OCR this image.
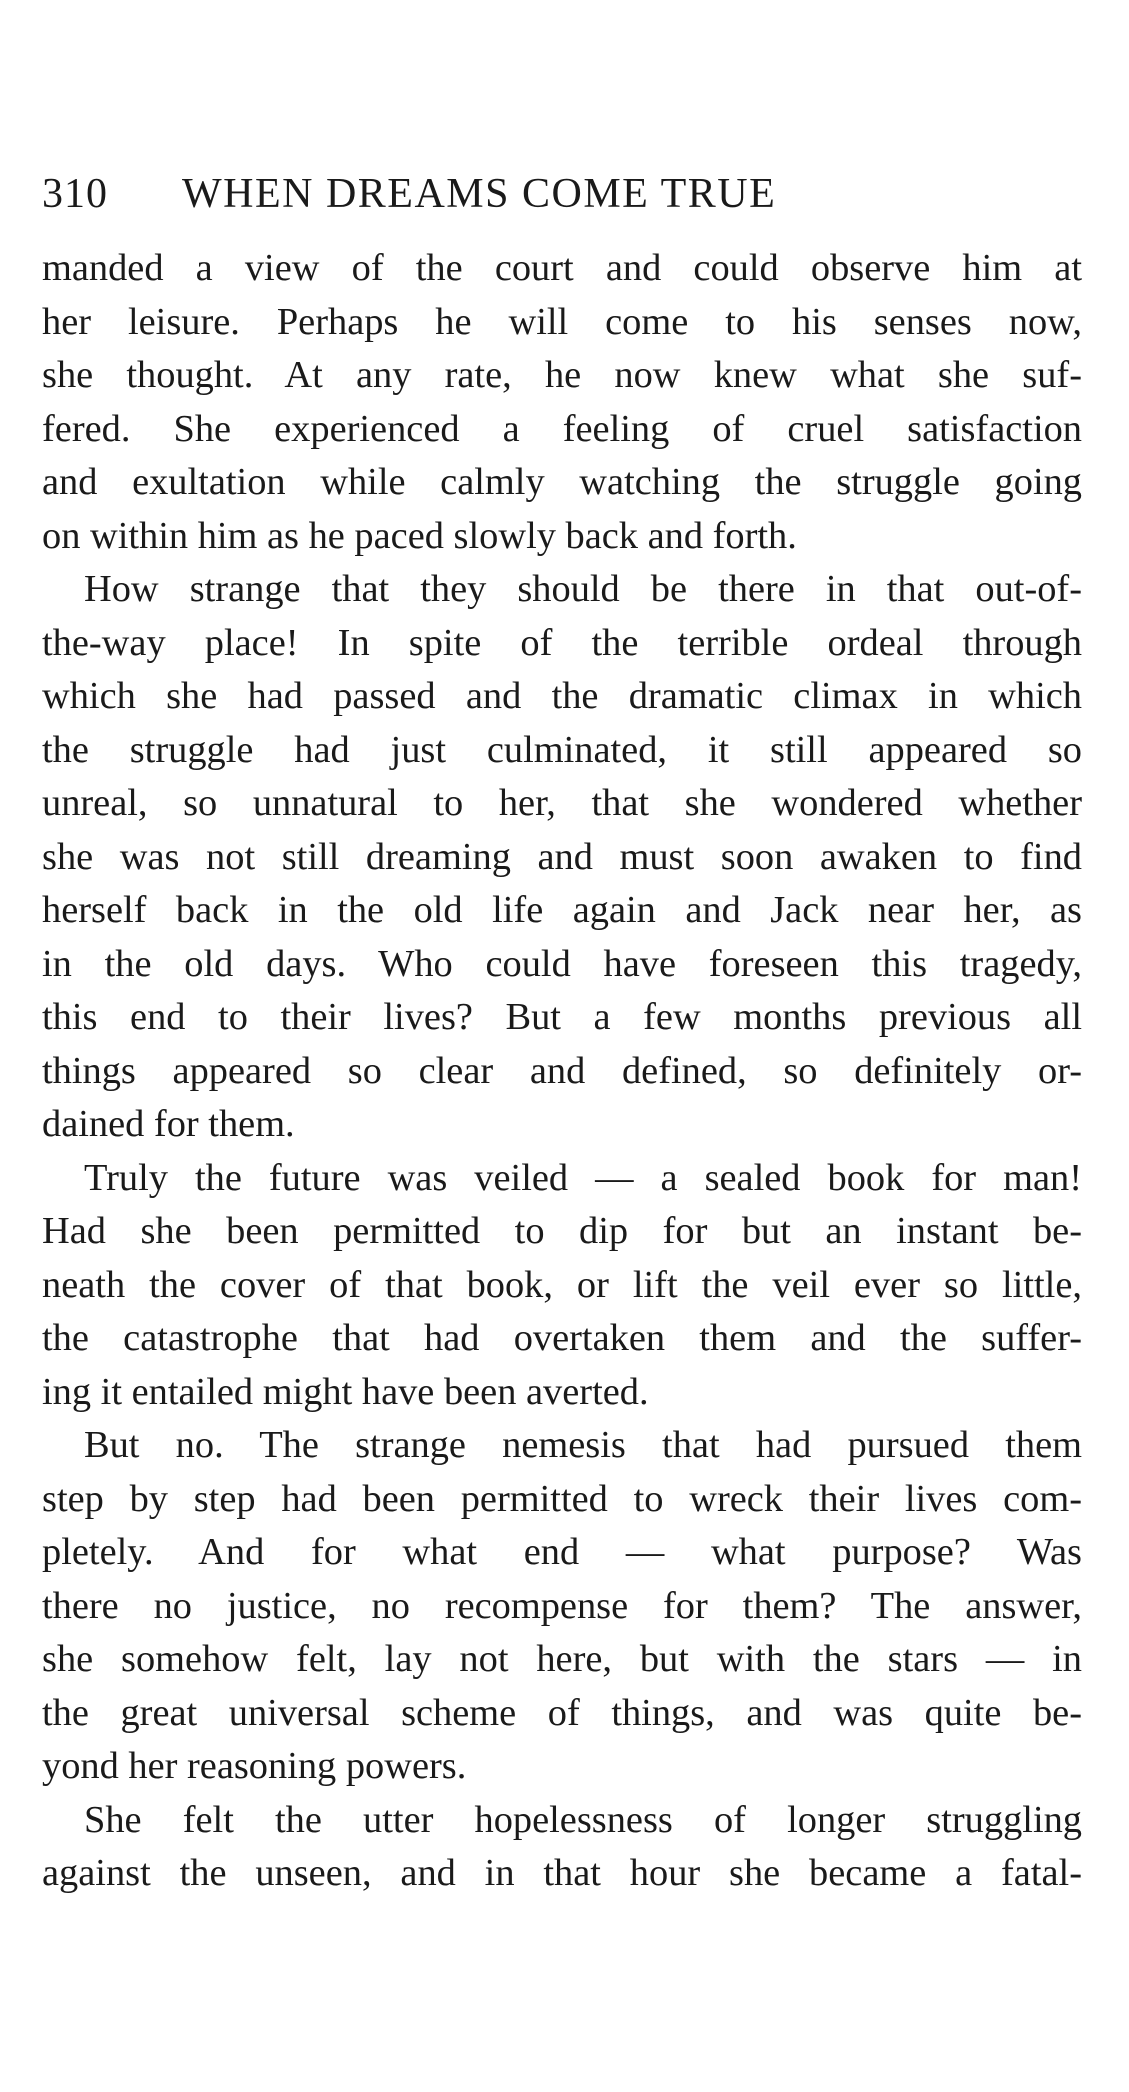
310	WHEN DREAMS COME TRUE
manded a view of the court and could observe him at
her leisure. Perhaps he will come to his senses now,
she thought. At any rate, he now knew what she suf-
fered. She experienced a feeling of cruel satisfaction
and exultation while calmly watching the struggle going
on within him as he paced slowly back and forth.
How strange that they should be there in that out-of-
the-way place! In spite of the terrible ordeal through
which she had passed and the dramatic climax in which
the struggle had just culminated, it still appeared so
unreal, so unnatural to her, that she wondered whether
she was not still dreaming and must soon awaken to find
herself back in the old life again and Jack near her, as
in the old days. Who could have foreseen this tragedy,
this end to their lives? But a few months previous all
things appeared so clear and defined, so definitely or-
dained for them.
Truly the future was veiled — a sealed book for man!
Had she been permitted to dip for but an instant be-
neath the cover of that book, or lift the veil ever so little,
the catastrophe that had overtaken them and the suffer-
ing it entailed might have been averted.
But no. The strange nemesis that had pursued them
step by step had been permitted to wreck their lives com-
pletely. And for what end — what purpose? Was
there no justice, no recompense for them? The answer,
she somehow felt, lay not here, but with the stars — in
the great universal scheme of things, and was quite be-
yond her reasoning powers.
She felt the utter hopelessness of longer struggling
against the unseen, and in that hour she became a fatal-
